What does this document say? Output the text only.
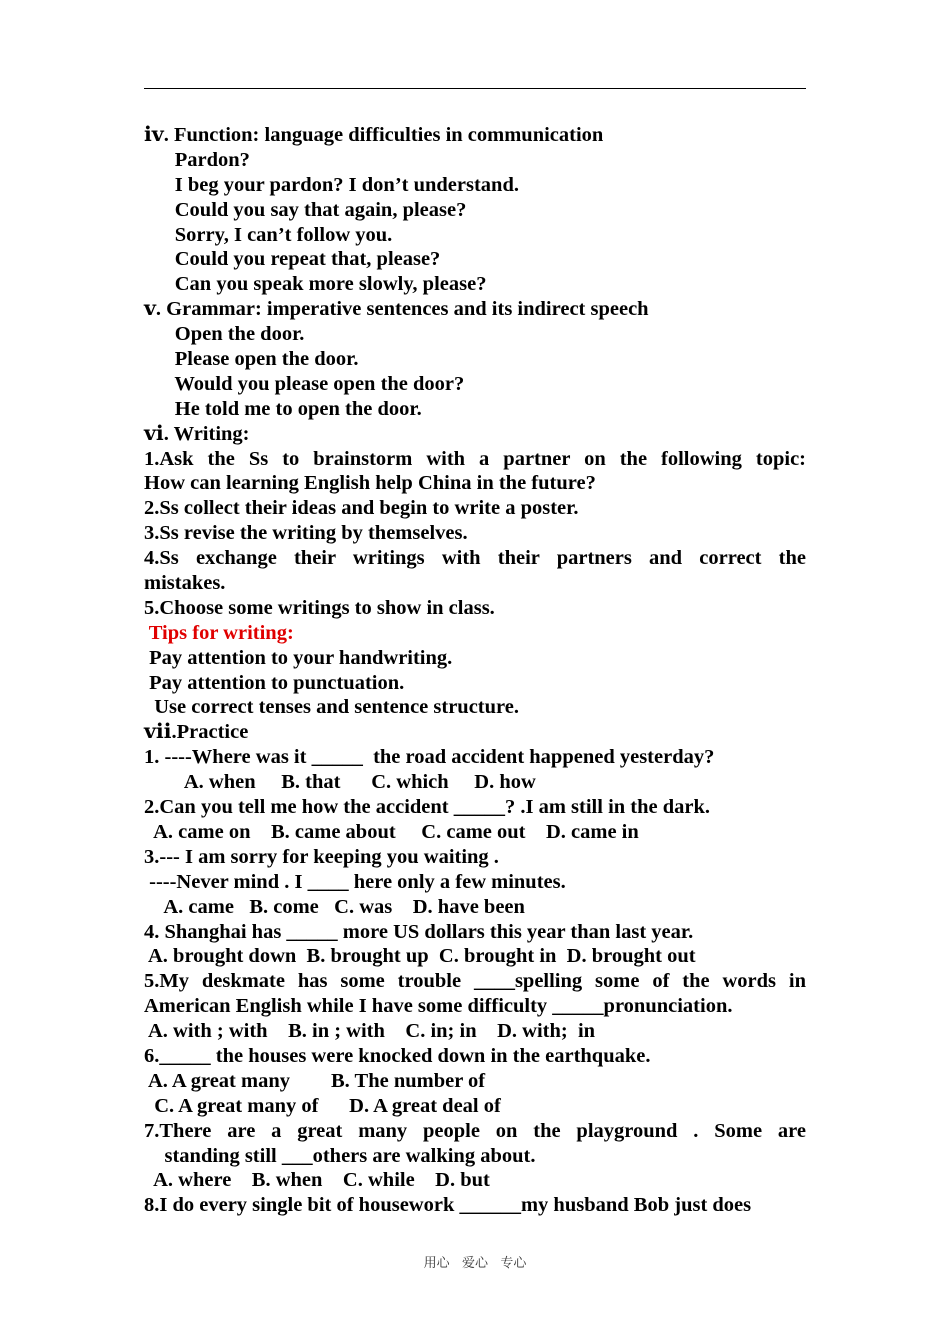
ⅳ. Function: language difficulties in communication
Pardon?
I beg your pardon? I don’t understand.
Could you say that again, please?
Sorry, I can’t follow you.
Could you repeat that, please?
Can you speak more slowly, please?
ⅴ. Grammar: imperative sentences and its indirect speech
Open the door.
Please open the door.
Would you please open the door?
He told me to open the door.
ⅵ. Writing:
1.Ask the Ss to brainstorm with a partner on the following topic:
How can learning English help China in the future?
2.Ss collect their ideas and begin to write a poster.
3.Ss revise the writing by themselves.
4.Ss exchange their writings with their partners and correct the
mistakes.
5.Choose some writings to show in class.
Tips for writing:
Pay attention to your handwriting.
Pay attention to punctuation.
Use correct tenses and sentence structure.
ⅶ.Practice
1. ----Where was it _____  the road accident happened yesterday?
A. when     B. that      C. which     D. how
2.Can you tell me how the accident _____? .I am still in the dark.
A. came on    B. came about     C. came out    D. came in
3.--- I am sorry for keeping you waiting .
----Never mind . I ____ here only a few minutes.
A. came   B. come   C. was    D. have been
4. Shanghai has _____ more US dollars this year than last year.
A. brought down  B. brought up  C. brought in  D. brought out
5.My deskmate has some trouble ____spelling some of the words in
American English while I have some difficulty _____pronunciation.
A. with ; with    B. in ; with    C. in; in    D. with;  in
6._____ the houses were knocked down in the earthquake.
A. A great many        B. The number of
C. A great many of      D. A great deal of
7.There are a great many people on the playground . Some are
standing still ___others are walking about.
A. where    B. when    C. while    D. but
8.I do every single bit of housework ______my husband Bob just does
用心   爱心   专心
